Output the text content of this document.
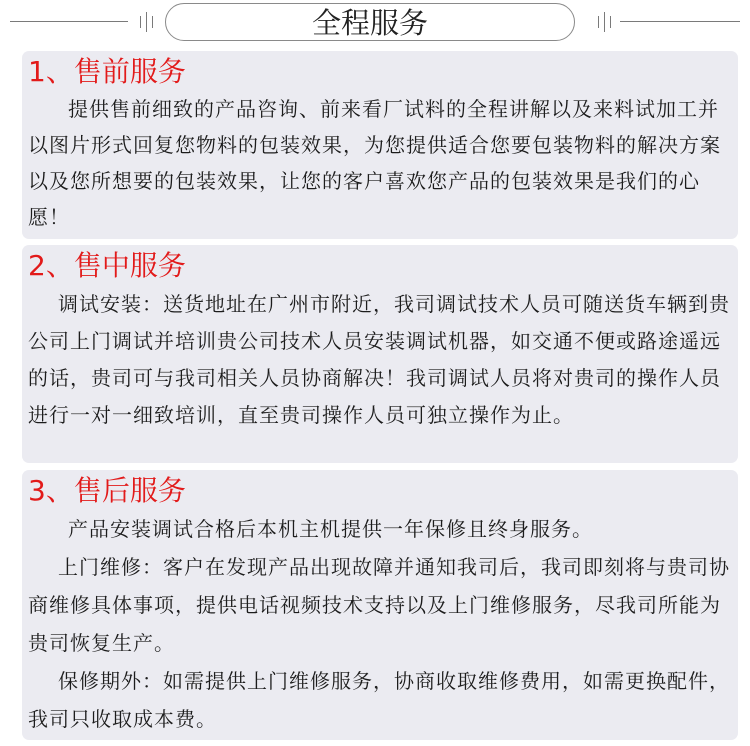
全程服务
1、售前服务
提供售前细致的产品咨询、前来看厂试料的全程讲解以及来料试加工并以图片形式回复您物料的包装效果，为您提供适合您要包装物料的解决方案以及您所想要的包装效果，让您的客户喜欢您产品的包装效果是我们的心愿！
2、售中服务
调试安装：送货地址在广州市附近，我司调试技术人员可随送货车辆到贵公司上门调试并培训贵公司技术人员安装调试机器，如交通不便或路途遥远的话，贵司可与我司相关人员协商解决！我司调试人员将对贵司的操作人员进行一对一细致培训，直至贵司操作人员可独立操作为止。
3、售后服务
产品安装调试合格后本机主机提供一年保修且终身服务。
上门维修：客户在发现产品出现故障并通知我司后，我司即刻将与贵司协商维修具体事项，提供电话视频技术支持以及上门维修服务，尽我司所能为贵司恢复生产。
保修期外：如需提供上门维修服务，协商收取维修费用，如需更换配件，我司只收取成本费。
